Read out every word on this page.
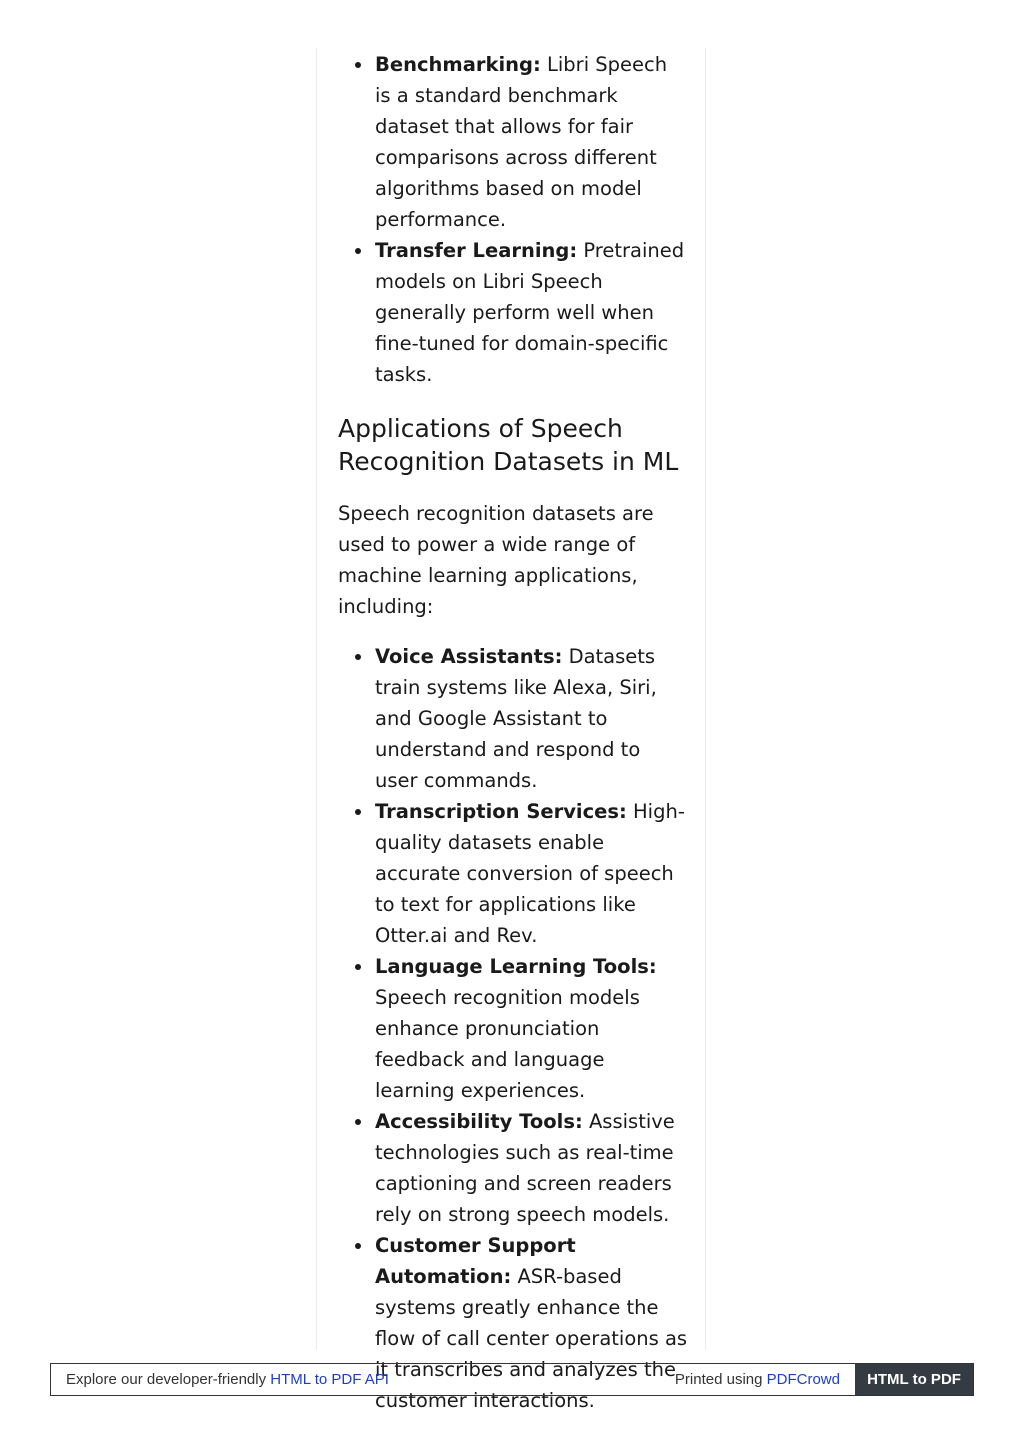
Benchmarking: Libri Speech is a standard benchmark dataset that allows for fair comparisons across different algorithms based on model performance.
Transfer Learning: Pretrained models on Libri Speech generally perform well when fine-tuned for domain-specific tasks.
Applications of Speech Recognition Datasets in ML

Speech recognition datasets are used to power a wide range of machine learning applications, including:

Voice Assistants: Datasets train systems like Alexa, Siri, and Google Assistant to understand and respond to user commands.
Transcription Services: High-quality datasets enable accurate conversion of speech to text for applications like Otter.ai and Rev.
Language Learning Tools: Speech recognition models enhance pronunciation feedback and language learning experiences.
Accessibility Tools: Assistive technologies such as real-time captioning and screen readers rely on strong speech models.
Customer Support Automation: ASR-based systems greatly enhance the flow of call center operations as it transcribes and analyzes the customer interactions.
Explore our developer-friendly HTML to PDF API	Printed using PDFCrowd	HTML to PDF
